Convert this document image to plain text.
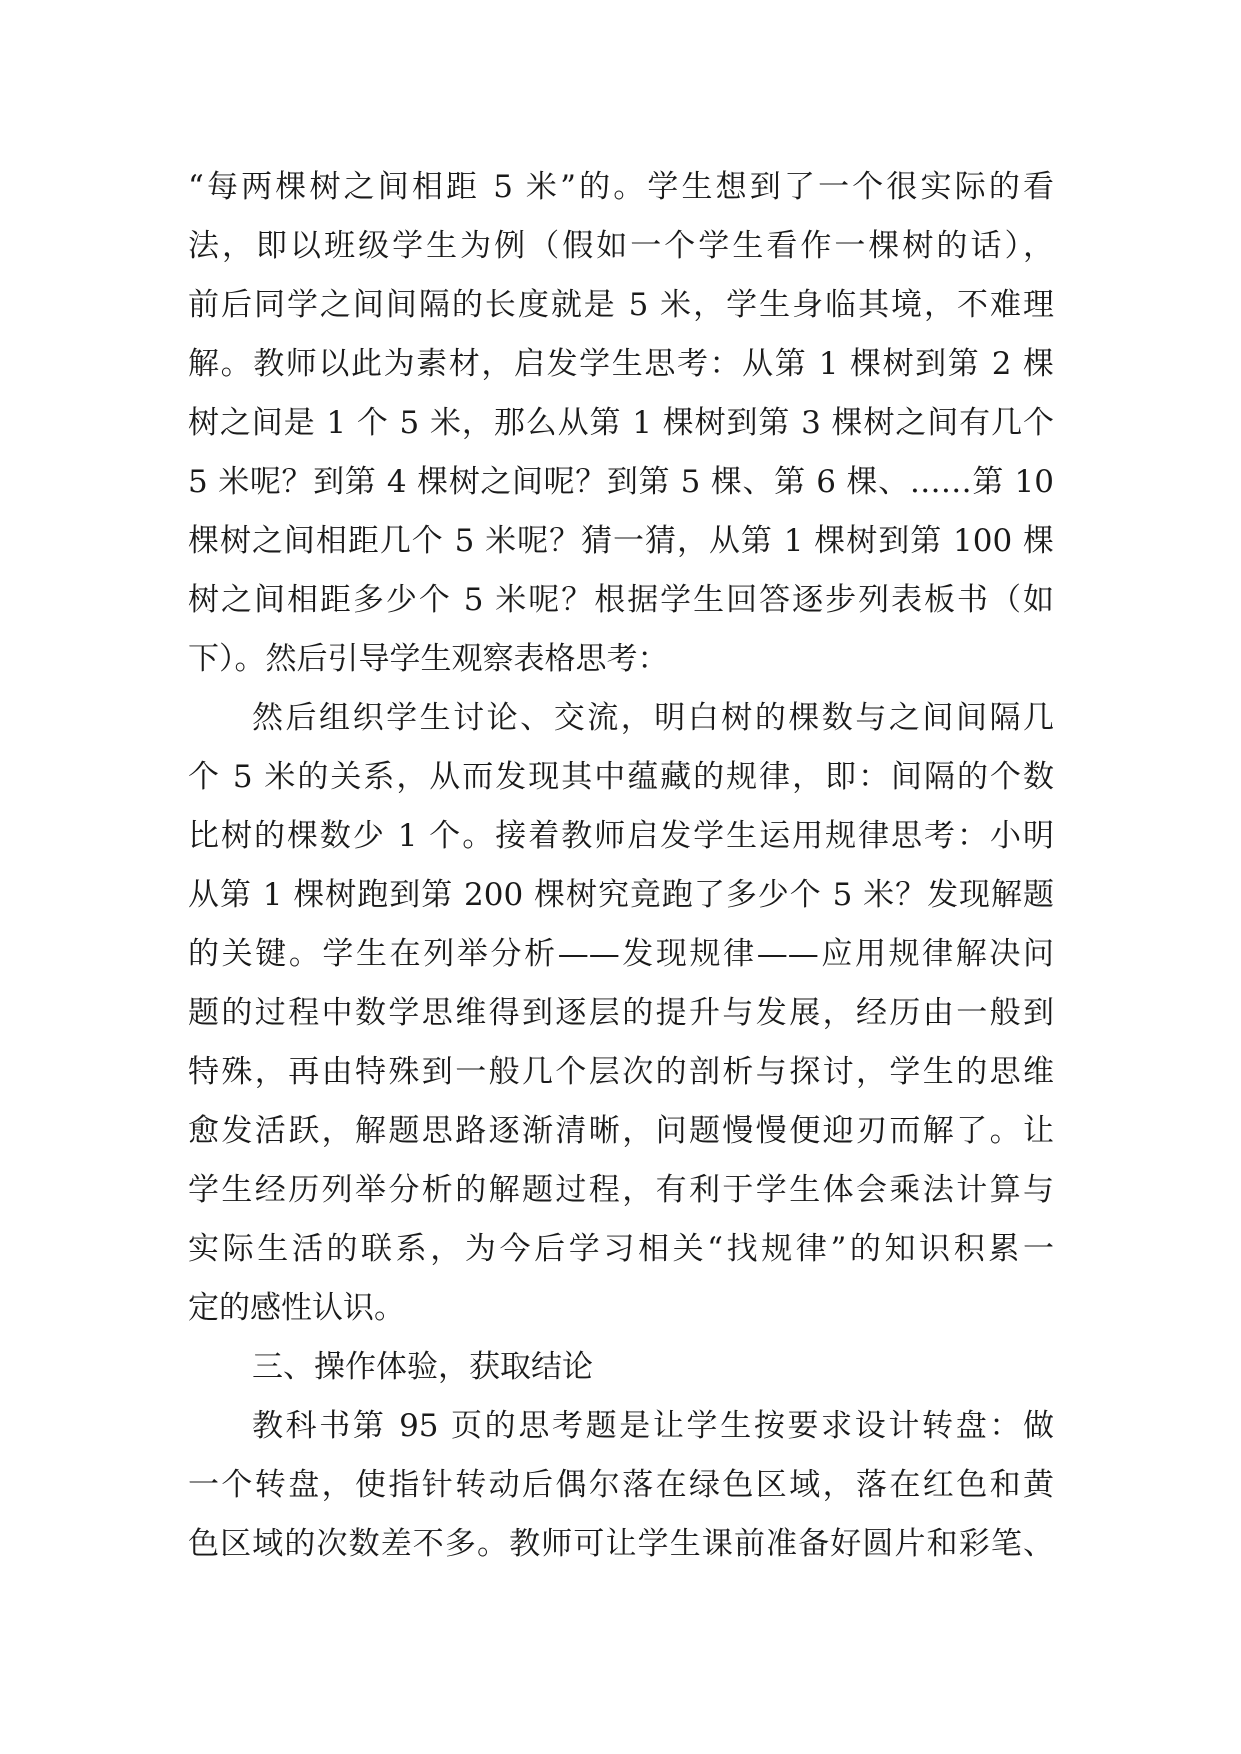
“每两棵树之间相距 5 米”的。学生想到了一个很实际的看
法，即以班级学生为例（假如一个学生看作一棵树的话），
前后同学之间间隔的长度就是 5 米，学生身临其境，不难理
解。教师以此为素材，启发学生思考：从第 1 棵树到第 2 棵
树之间是 1 个 5 米，那么从第 1 棵树到第 3 棵树之间有几个
5 米呢？到第 4 棵树之间呢？到第 5 棵、第 6 棵、……第 10
棵树之间相距几个 5 米呢？猜一猜，从第 1 棵树到第 100 棵
树之间相距多少个 5 米呢？根据学生回答逐步列表板书（如
下）。然后引导学生观察表格思考：
然后组织学生讨论、交流，明白树的棵数与之间间隔几
个 5 米的关系，从而发现其中蕴藏的规律，即：间隔的个数
比树的棵数少 1 个。接着教师启发学生运用规律思考：小明
从第 1 棵树跑到第 200 棵树究竟跑了多少个 5 米？发现解题
的关键。学生在列举分析——发现规律——应用规律解决问
题的过程中数学思维得到逐层的提升与发展，经历由一般到
特殊，再由特殊到一般几个层次的剖析与探讨，学生的思维
愈发活跃，解题思路逐渐清晰，问题慢慢便迎刃而解了。让
学生经历列举分析的解题过程，有利于学生体会乘法计算与
实际生活的联系，为今后学习相关“找规律”的知识积累一
定的感性认识。
三、操作体验，获取结论
教科书第 95 页的思考题是让学生按要求设计转盘：做
一个转盘，使指针转动后偶尔落在绿色区域，落在红色和黄
色区域的次数差不多。教师可让学生课前准备好圆片和彩笔、
